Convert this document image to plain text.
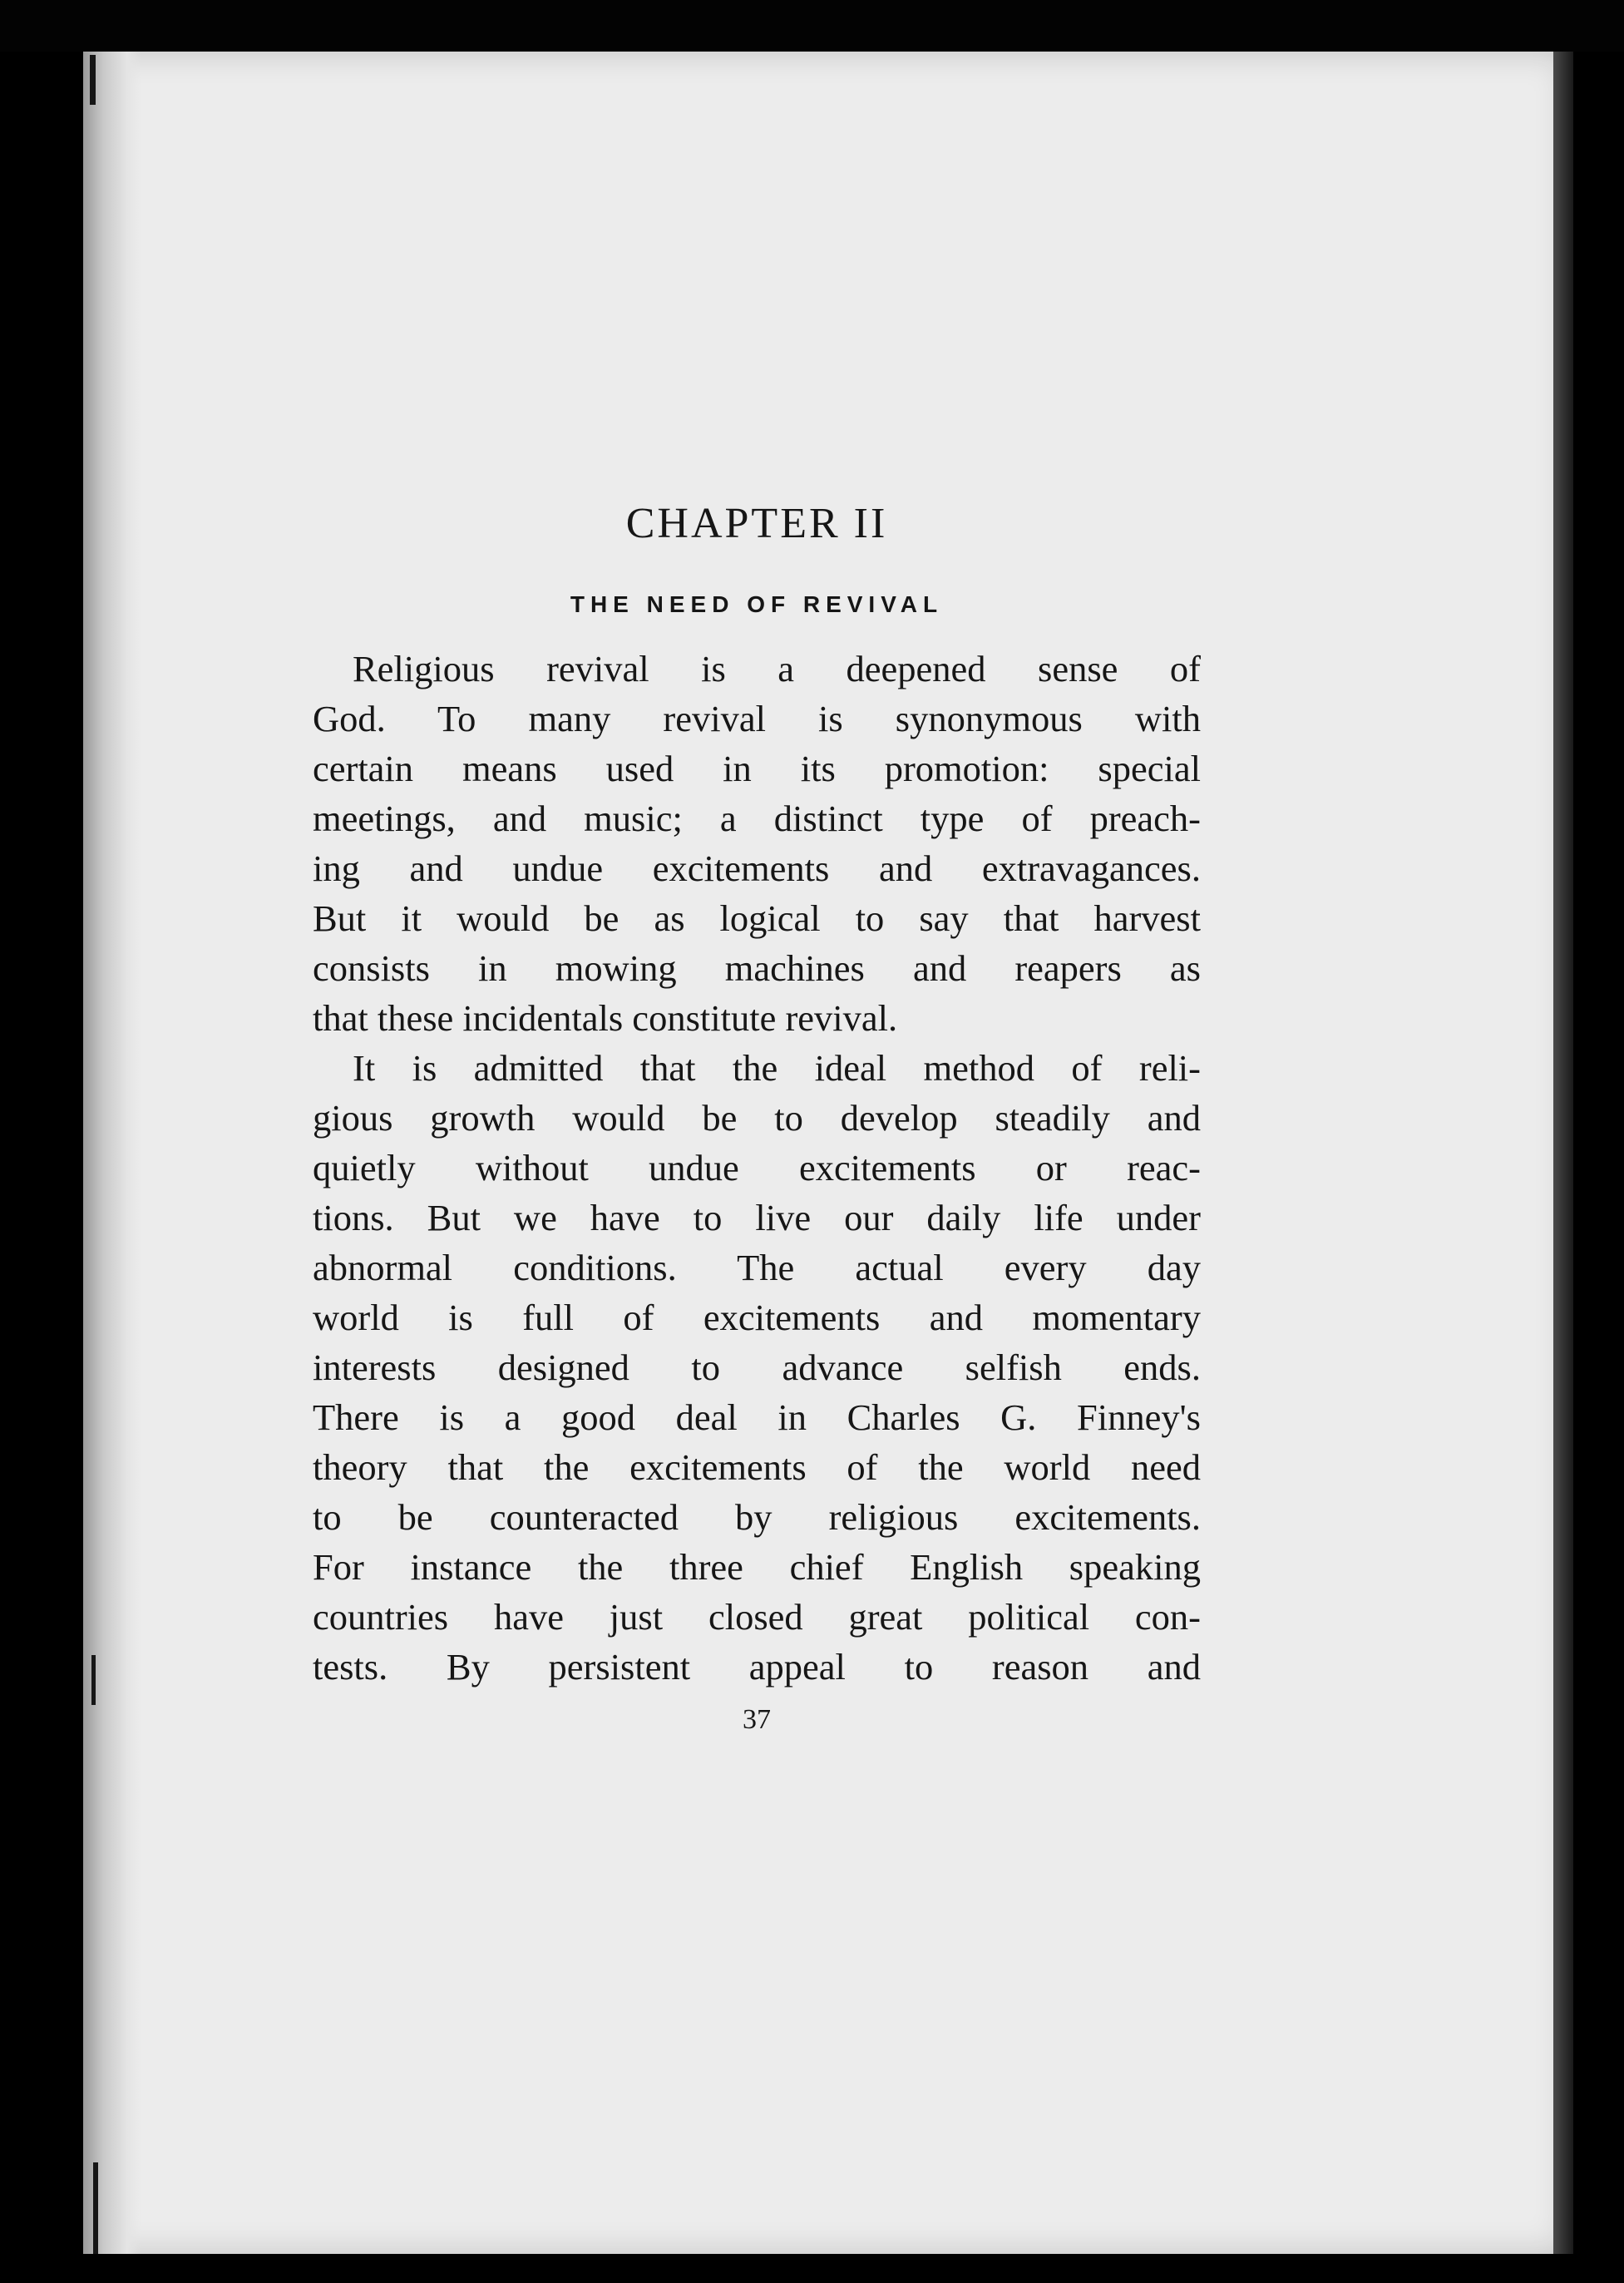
CHAPTER II
THE NEED OF REVIVAL
Religious revival is a deepened sense of
God. To many revival is synonymous with
certain means used in its promotion: special
meetings, and music; a distinct type of preach-
ing and undue excitements and extravagances.
But it would be as logical to say that harvest
consists in mowing machines and reapers as
that these incidentals constitute revival.
It is admitted that the ideal method of reli-
gious growth would be to develop steadily and
quietly without undue excitements or reac-
tions. But we have to live our daily life under
abnormal conditions. The actual every day
world is full of excitements and momentary
interests designed to advance selfish ends.
There is a good deal in Charles G. Finney's
theory that the excitements of the world need
to be counteracted by religious excitements.
For instance the three chief English speaking
countries have just closed great political con-
tests. By persistent appeal to reason and
37
